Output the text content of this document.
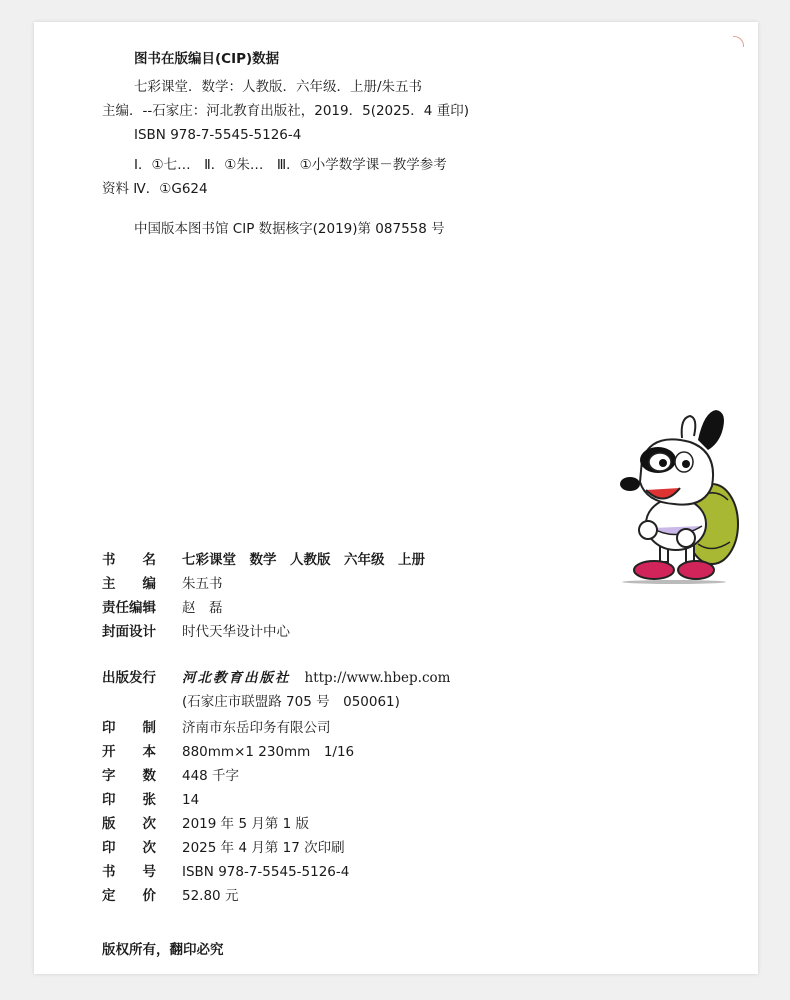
图书在版编目(CIP)数据
七彩课堂．数学：人教版．六年级．上册/朱五书
主编．--石家庄：河北教育出版社，2019．5(2025．4 重印)
ISBN 978-7-5545-5126-4
Ⅰ．①七…　Ⅱ．①朱…　Ⅲ．①小学数学课－教学参考
资料 Ⅳ．①G624
中国版本图书馆 CIP 数据核字(2019)第 087558 号
书　　名	七彩课堂　数学　人教版　六年级　上册
主　　编	朱五书
责任编辑	赵　磊
封面设计	时代天华设计中心
出版发行	河北教育出版社 http://www.hbep.com
(石家庄市联盟路 705 号　050061)
印　　制	济南市东岳印务有限公司
开　　本	880mm×1 230mm　1/16
字　　数	448 千字
印　　张	14
版　　次	2019 年 5 月第 1 版
印　　次	2025 年 4 月第 17 次印刷
书　　号	ISBN 978-7-5545-5126-4
定　　价	52.80 元
版权所有，翻印必究
